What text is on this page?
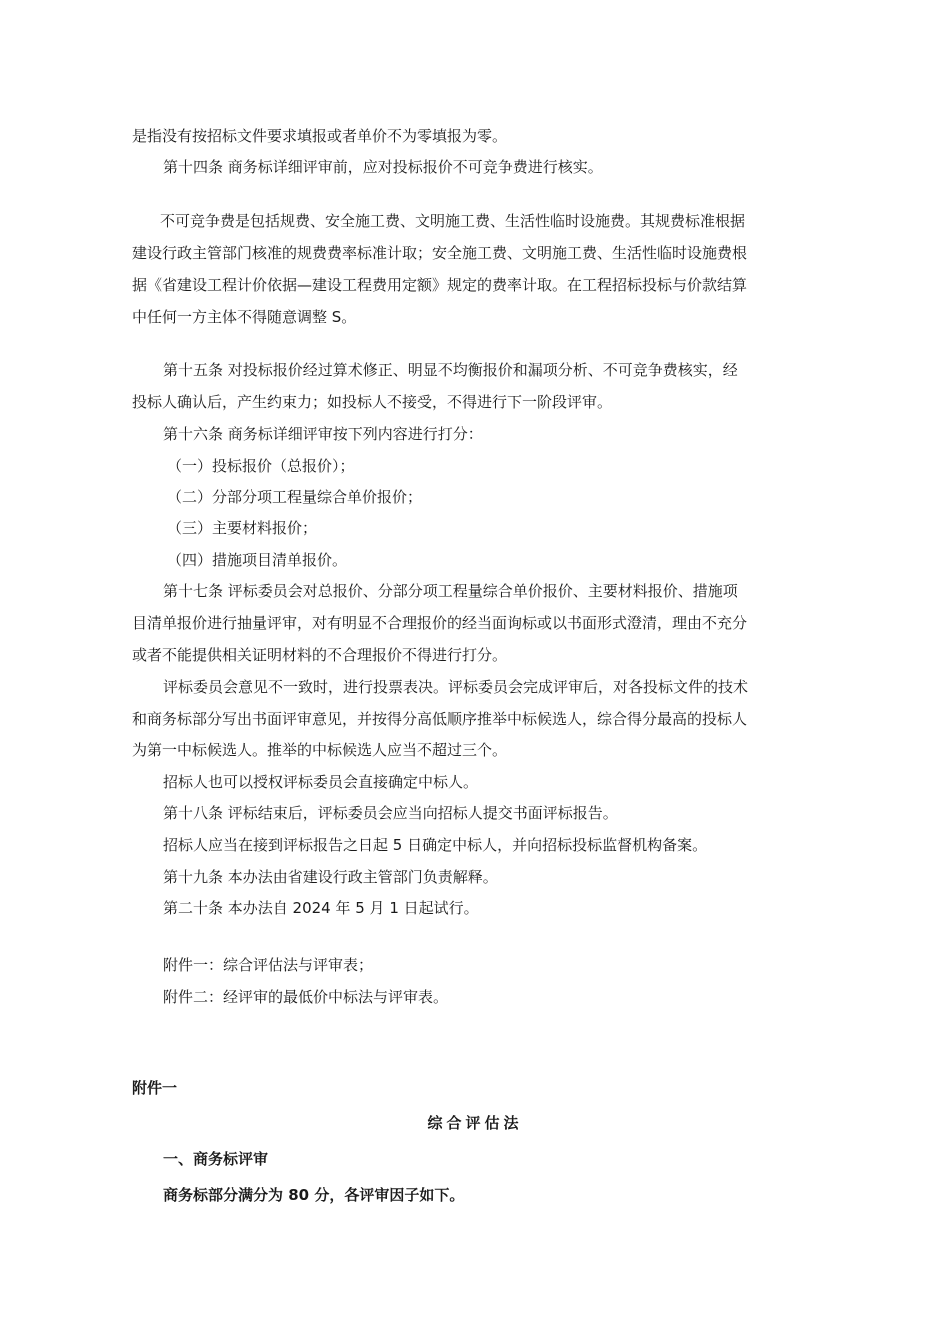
是指没有按招标文件要求填报或者单价不为零填报为零。
第十四条 商务标详细评审前，应对投标报价不可竞争费进行核实。
不可竞争费是包括规费、安全施工费、文明施工费、生活性临时设施费。其规费标准根据
建设行政主管部门核准的规费费率标准计取；安全施工费、文明施工费、生活性临时设施费根
据《省建设工程计价依据—建设工程费用定额》规定的费率计取。在工程招标投标与价款结算
中任何一方主体不得随意调整 S。
第十五条 对投标报价经过算术修正、明显不均衡报价和漏项分析、不可竞争费核实，经
投标人确认后，产生约束力；如投标人不接受，不得进行下一阶段评审。
第十六条 商务标详细评审按下列内容进行打分：
（一）投标报价（总报价）；
（二）分部分项工程量综合单价报价；
（三）主要材料报价；
（四）措施项目清单报价。
第十七条 评标委员会对总报价、分部分项工程量综合单价报价、主要材料报价、措施项
目清单报价进行抽量评审，对有明显不合理报价的经当面询标或以书面形式澄清，理由不充分
或者不能提供相关证明材料的不合理报价不得进行打分。
评标委员会意见不一致时，进行投票表决。评标委员会完成评审后，对各投标文件的技术
和商务标部分写出书面评审意见，并按得分高低顺序推举中标候选人，综合得分最高的投标人
为第一中标候选人。推举的中标候选人应当不超过三个。
招标人也可以授权评标委员会直接确定中标人。
第十八条 评标结束后，评标委员会应当向招标人提交书面评标报告。
招标人应当在接到评标报告之日起 5 日确定中标人，并向招标投标监督机构备案。
第十九条 本办法由省建设行政主管部门负责解释。
第二十条 本办法自 2024 年 5 月 1 日起试行。
附件一：综合评估法与评审表；
附件二：经评审的最低价中标法与评审表。
附件一
综合评估法
一、商务标评审
商务标部分满分为 80 分，各评审因子如下。
